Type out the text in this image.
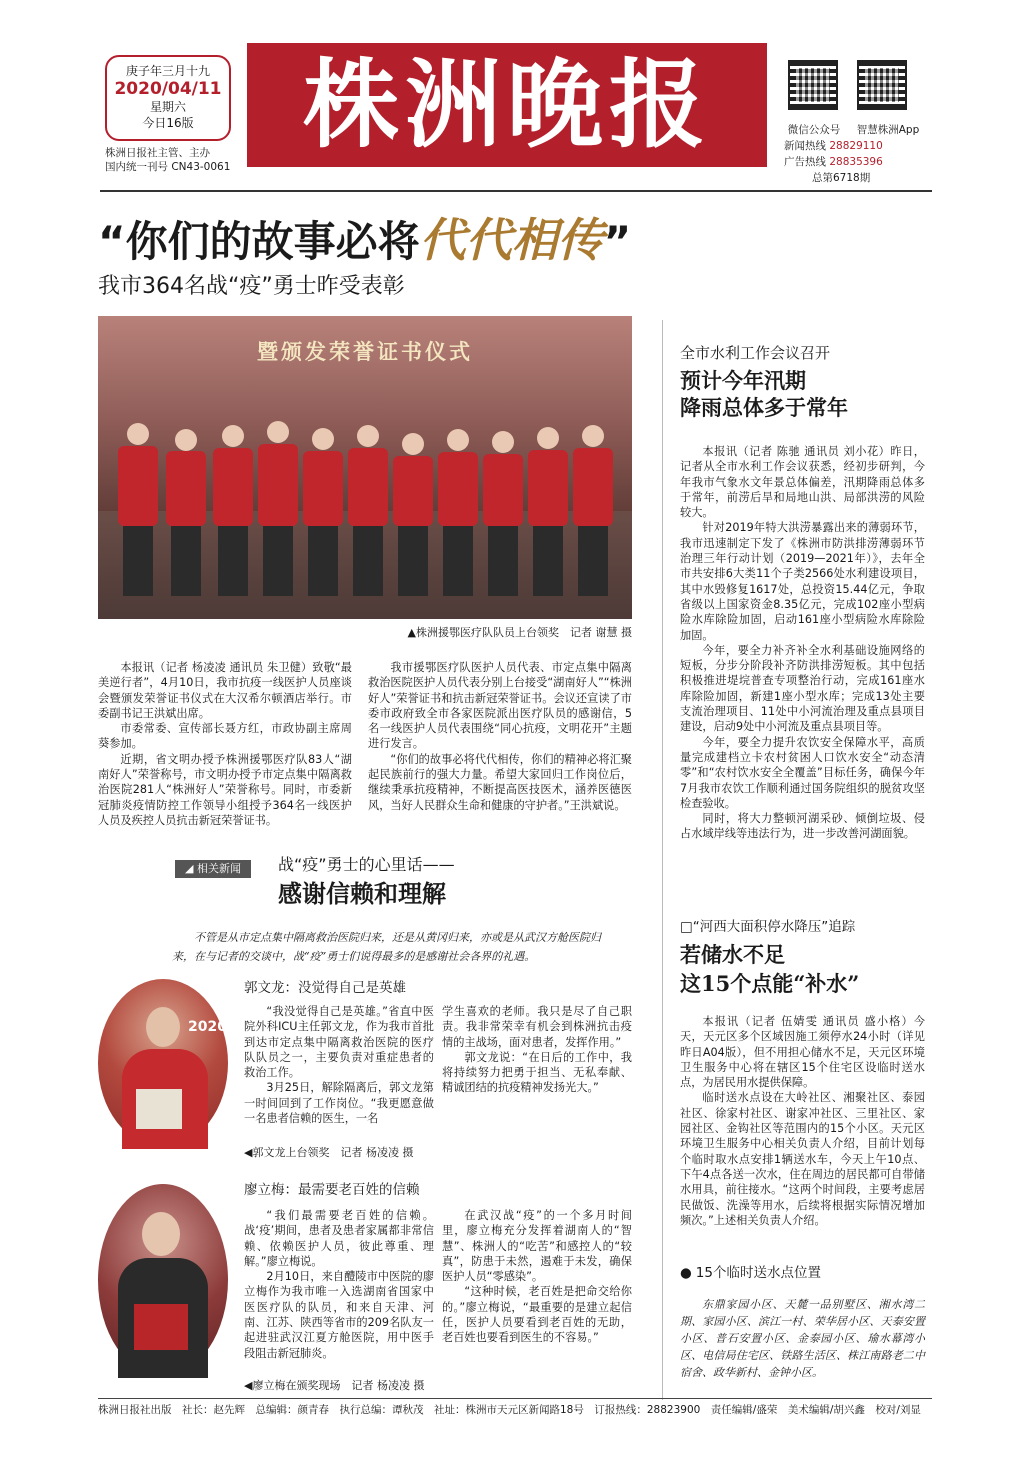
庚子年三月十九
2020/04/11
星期六
今日16版
株洲日报社主管、主办
国内统一刊号 CN43-0061
株洲晚报	微信公众号	智慧株洲App
新闻热线 28829110
广告热线 28835396
总第6718期
“你们的故事必将代代相传”
我市364名战“疫”勇士昨受表彰
暨颁发荣誉证书仪式
▲株洲援鄂医疗队队员上台领奖　记者 谢慧 摄

本报讯（记者 杨凌凌 通讯员 朱卫健）致敬“最美逆行者”，4月10日，我市抗疫一线医护人员座谈会暨颁发荣誉证书仪式在大汉希尔顿酒店举行。市委副书记王洪斌出席。

市委常委、宣传部长聂方红，市政协副主席周葵参加。

近期，省文明办授予株洲援鄂医疗队83人“湖南好人”荣誉称号，市文明办授予市定点集中隔离救治医院281人“株洲好人”荣誉称号。同时，市委新冠肺炎疫情防控工作领导小组授予364名一线医护人员及疾控人员抗击新冠荣誉证书。

我市援鄂医疗队医护人员代表、市定点集中隔离救治医院医护人员代表分别上台接受“湖南好人”“株洲好人”荣誉证书和抗击新冠荣誉证书。会议还宣读了市委市政府致全市各家医院派出医疗队员的感谢信，5名一线医护人员代表围绕“同心抗疫，文明花开”主题进行发言。

“你们的故事必将代代相传，你们的精神必将汇聚起民族前行的强大力量。希望大家回归工作岗位后，继续秉承抗疫精神，不断提高医技医术，涵养医德医风，当好人民群众生命和健康的守护者。”王洪斌说。

◢ 相关新闻	战“疫”勇士的心里话——
感谢信赖和理解
不管是从市定点集中隔离救治医院归来，还是从黄冈归来，亦或是从武汉方舱医院归来，在与记者的交谈中，战“疫”勇士们说得最多的是感谢社会各界的礼遇。
2020.4
郭文龙：没觉得自己是英雄

“我没觉得自己是英雄。”省直中医院外科ICU主任郭文龙，作为我市首批到达市定点集中隔离救治医院的医疗队队员之一，主要负责对重症患者的救治工作。

3月25日，解除隔离后，郭文龙第一时间回到了工作岗位。“我更愿意做一名患者信赖的医生，一名

学生喜欢的老师。我只是尽了自己职责。我非常荣幸有机会到株洲抗击疫情的主战场，面对患者，发挥作用。”

郭文龙说：“在日后的工作中，我将持续努力把勇于担当、无私奉献、精诚团结的抗疫精神发扬光大。”

◀郭文龙上台领奖　记者 杨凌凌 摄
廖立梅：最需要老百姓的信赖

“我们最需要老百姓的信赖。战‘疫’期间，患者及患者家属都非常信赖、依赖医护人员，彼此尊重、理解。”廖立梅说。

2月10日，来自醴陵市中医院的廖立梅作为我市唯一入选湖南省国家中医医疗队的队员，和来自天津、河南、江苏、陕西等省市的209名队友一起进驻武汉江夏方舱医院，用中医手段阻击新冠肺炎。

在武汉战“疫”的一个多月时间里，廖立梅充分发挥着湖南人的“智慧”、株洲人的“吃苦”和感控人的“较真”，防患于未然，遏难于未发，确保医护人员“零感染”。

“这种时候，老百姓是把命交给你的。”廖立梅说，“最重要的是建立起信任，医护人员要看到老百姓的无助，老百姓也要看到医生的不容易。”

◀廖立梅在颁奖现场　记者 杨凌凌 摄
全市水利工作会议召开
预计今年汛期
降雨总体多于常年

本报讯（记者 陈驰 通讯员 刘小花）昨日，记者从全市水利工作会议获悉，经初步研判，今年我市气象水文年景总体偏差，汛期降雨总体多于常年，前涝后旱和局地山洪、局部洪涝的风险较大。

针对2019年特大洪涝暴露出来的薄弱环节，我市迅速制定下发了《株洲市防洪排涝薄弱环节治理三年行动计划（2019—2021年）》，去年全市共安排6大类11个子类2566处水利建设项目，其中水毁修复1617处，总投资15.44亿元，争取省级以上国家资金8.35亿元，完成102座小型病险水库除险加固，启动161座小型病险水库除险加固。

今年，要全力补齐补全水利基础设施网络的短板，分步分阶段补齐防洪排涝短板。其中包括积极推进堤垸普查专项整治行动，完成161座水库除险加固，新建1座小型水库；完成13处主要支流治理项目、11处中小河流治理及重点县项目建设，启动9处中小河流及重点县项目等。

今年，要全力提升农饮安全保障水平，高质量完成建档立卡农村贫困人口饮水安全“动态清零”和“农村饮水安全全覆盖”目标任务，确保今年7月我市农饮工作顺利通过国务院组织的脱贫攻坚检查验收。

同时，将大力整顿河湖采砂、倾倒垃圾、侵占水域岸线等违法行为，进一步改善河湖面貌。

□“河西大面积停水降压”追踪
若储水不足
这15个点能“补水”

本报讯（记者 伍婧雯 通讯员 盛小格）今天，天元区多个区域因施工须停水24小时（详见昨日A04版），但不用担心储水不足，天元区环境卫生服务中心将在辖区15个住宅区设临时送水点，为居民用水提供保障。

临时送水点设在大岭社区、湘聚社区、泰园社区、徐家村社区、谢家冲社区、三里社区、家园社区、金钩社区等范围内的15个小区。天元区环境卫生服务中心相关负责人介绍，目前计划每个临时取水点安排1辆送水车，今天上午10点、下午4点各送一次水，住在周边的居民都可自带储水用具，前往接水。“这两个时间段，主要考虑居民做饭、洗澡等用水，后续将根据实际情况增加频次。”上述相关负责人介绍。

● 15个临时送水点位置
东鼎家园小区、天麓一品别墅区、湘水湾二期、家园小区、滨江一村、荣华居小区、天泰安置小区、普石安置小区、金泰园小区、瑜水幕湾小区、电信局住宅区、铁路生活区、株江南路老二中宿舍、政华新村、金钟小区。
株洲日报社出版　社长：赵先辉　总编辑：颜青春　执行总编：谭秋茂　社址：株洲市天元区新闻路18号　订报热线：28823900　责任编辑/盛荣　美术编辑/胡兴鑫　校对/刘显
